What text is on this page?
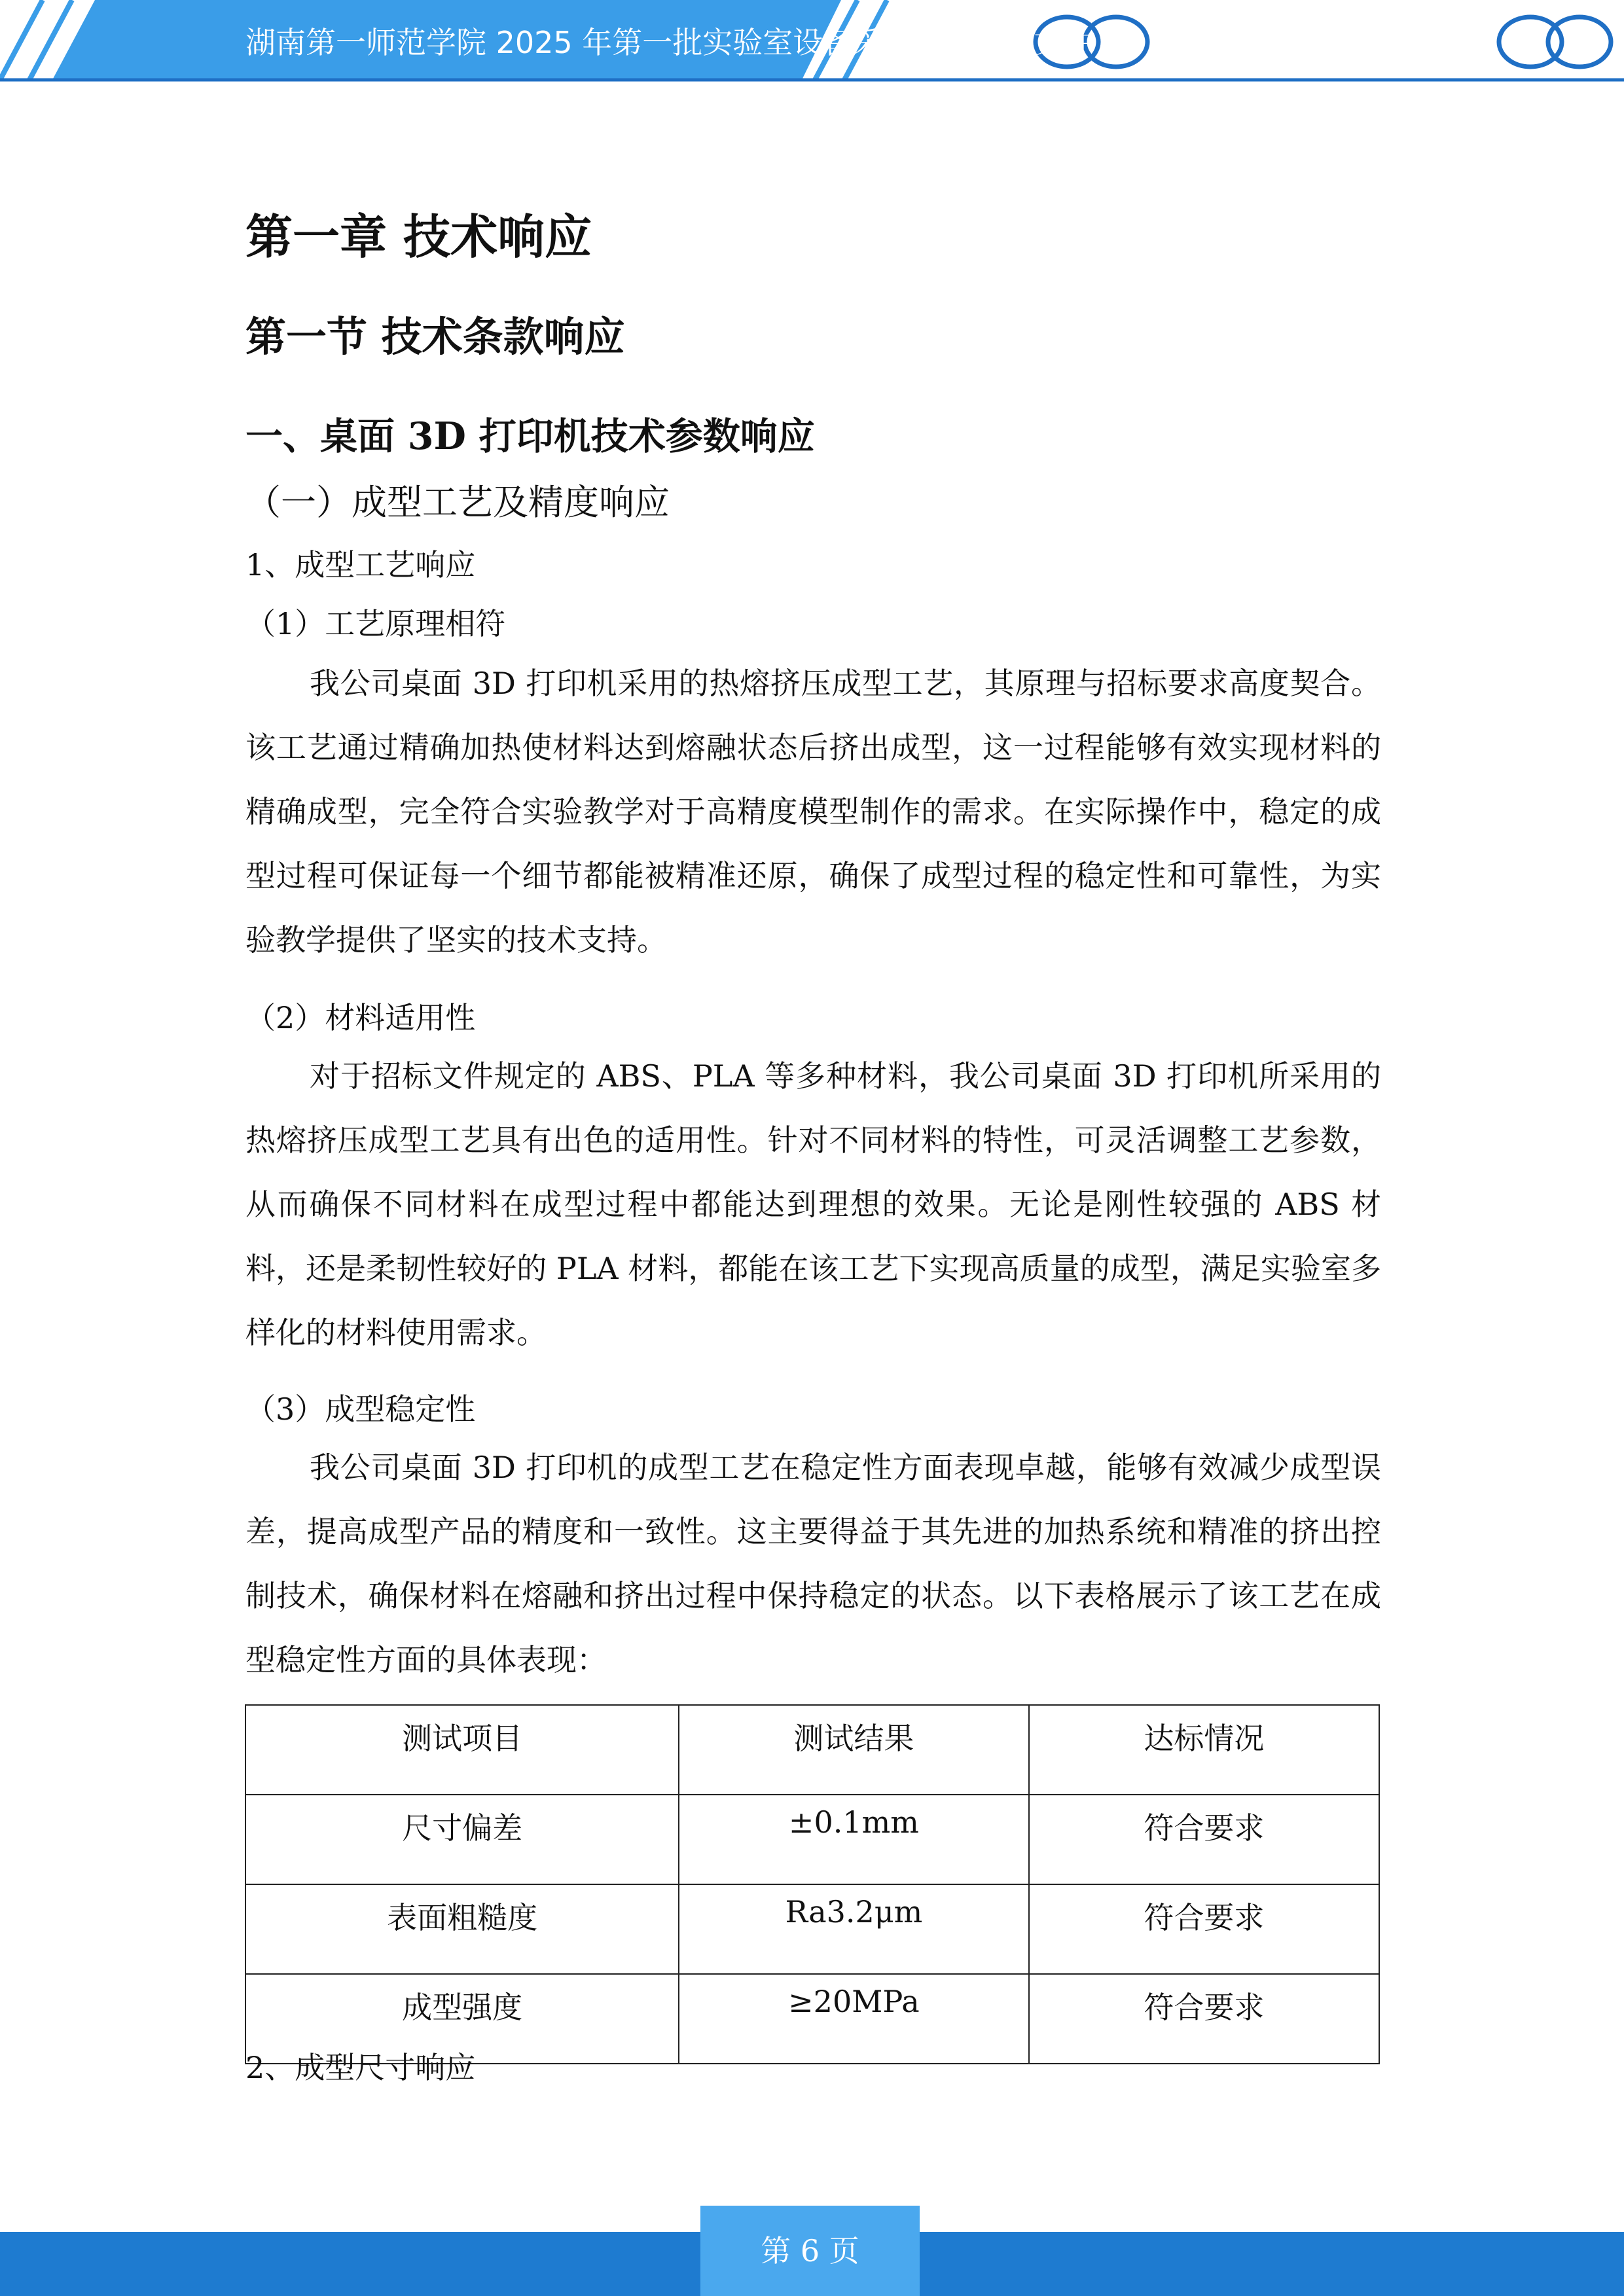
湖南第一师范学院 2025 年第一批实验室设备采购项目投标文件
第一章 技术响应
第一节 技术条款响应
一、桌面 3D 打印机技术参数响应
（一）成型工艺及精度响应
1、成型工艺响应
（1）工艺原理相符

我公司桌面 3D 打印机采用的热熔挤压成型工艺，其原理与招标要求高度契合。该工艺通过精确加热使材料达到熔融状态后挤出成型，这一过程能够有效实现材料的精确成型，完全符合实验教学对于高精度模型制作的需求。在实际操作中，稳定的成型过程可保证每一个细节都能被精准还原，确保了成型过程的稳定性和可靠性，为实验教学提供了坚实的技术支持。

（2）材料适用性

对于招标文件规定的 ABS、PLA 等多种材料，我公司桌面 3D 打印机所采用的热熔挤压成型工艺具有出色的适用性。针对不同材料的特性，可灵活调整工艺参数，从而确保不同材料在成型过程中都能达到理想的效果。无论是刚性较强的 ABS 材料，还是柔韧性较好的 PLA 材料，都能在该工艺下实现高质量的成型，满足实验室多样化的材料使用需求。

（3）成型稳定性

我公司桌面 3D 打印机的成型工艺在稳定性方面表现卓越，能够有效减少成型误差，提高成型产品的精度和一致性。这主要得益于其先进的加热系统和精准的挤出控制技术，确保材料在熔融和挤出过程中保持稳定的状态。以下表格展示了该工艺在成型稳定性方面的具体表现：

测试项目	测试结果	达标情况
尺寸偏差	±0.1mm	符合要求
表面粗糙度	Ra3.2μm	符合要求
成型强度	≥20MPa	符合要求
2、成型尺寸响应
第 6 页
